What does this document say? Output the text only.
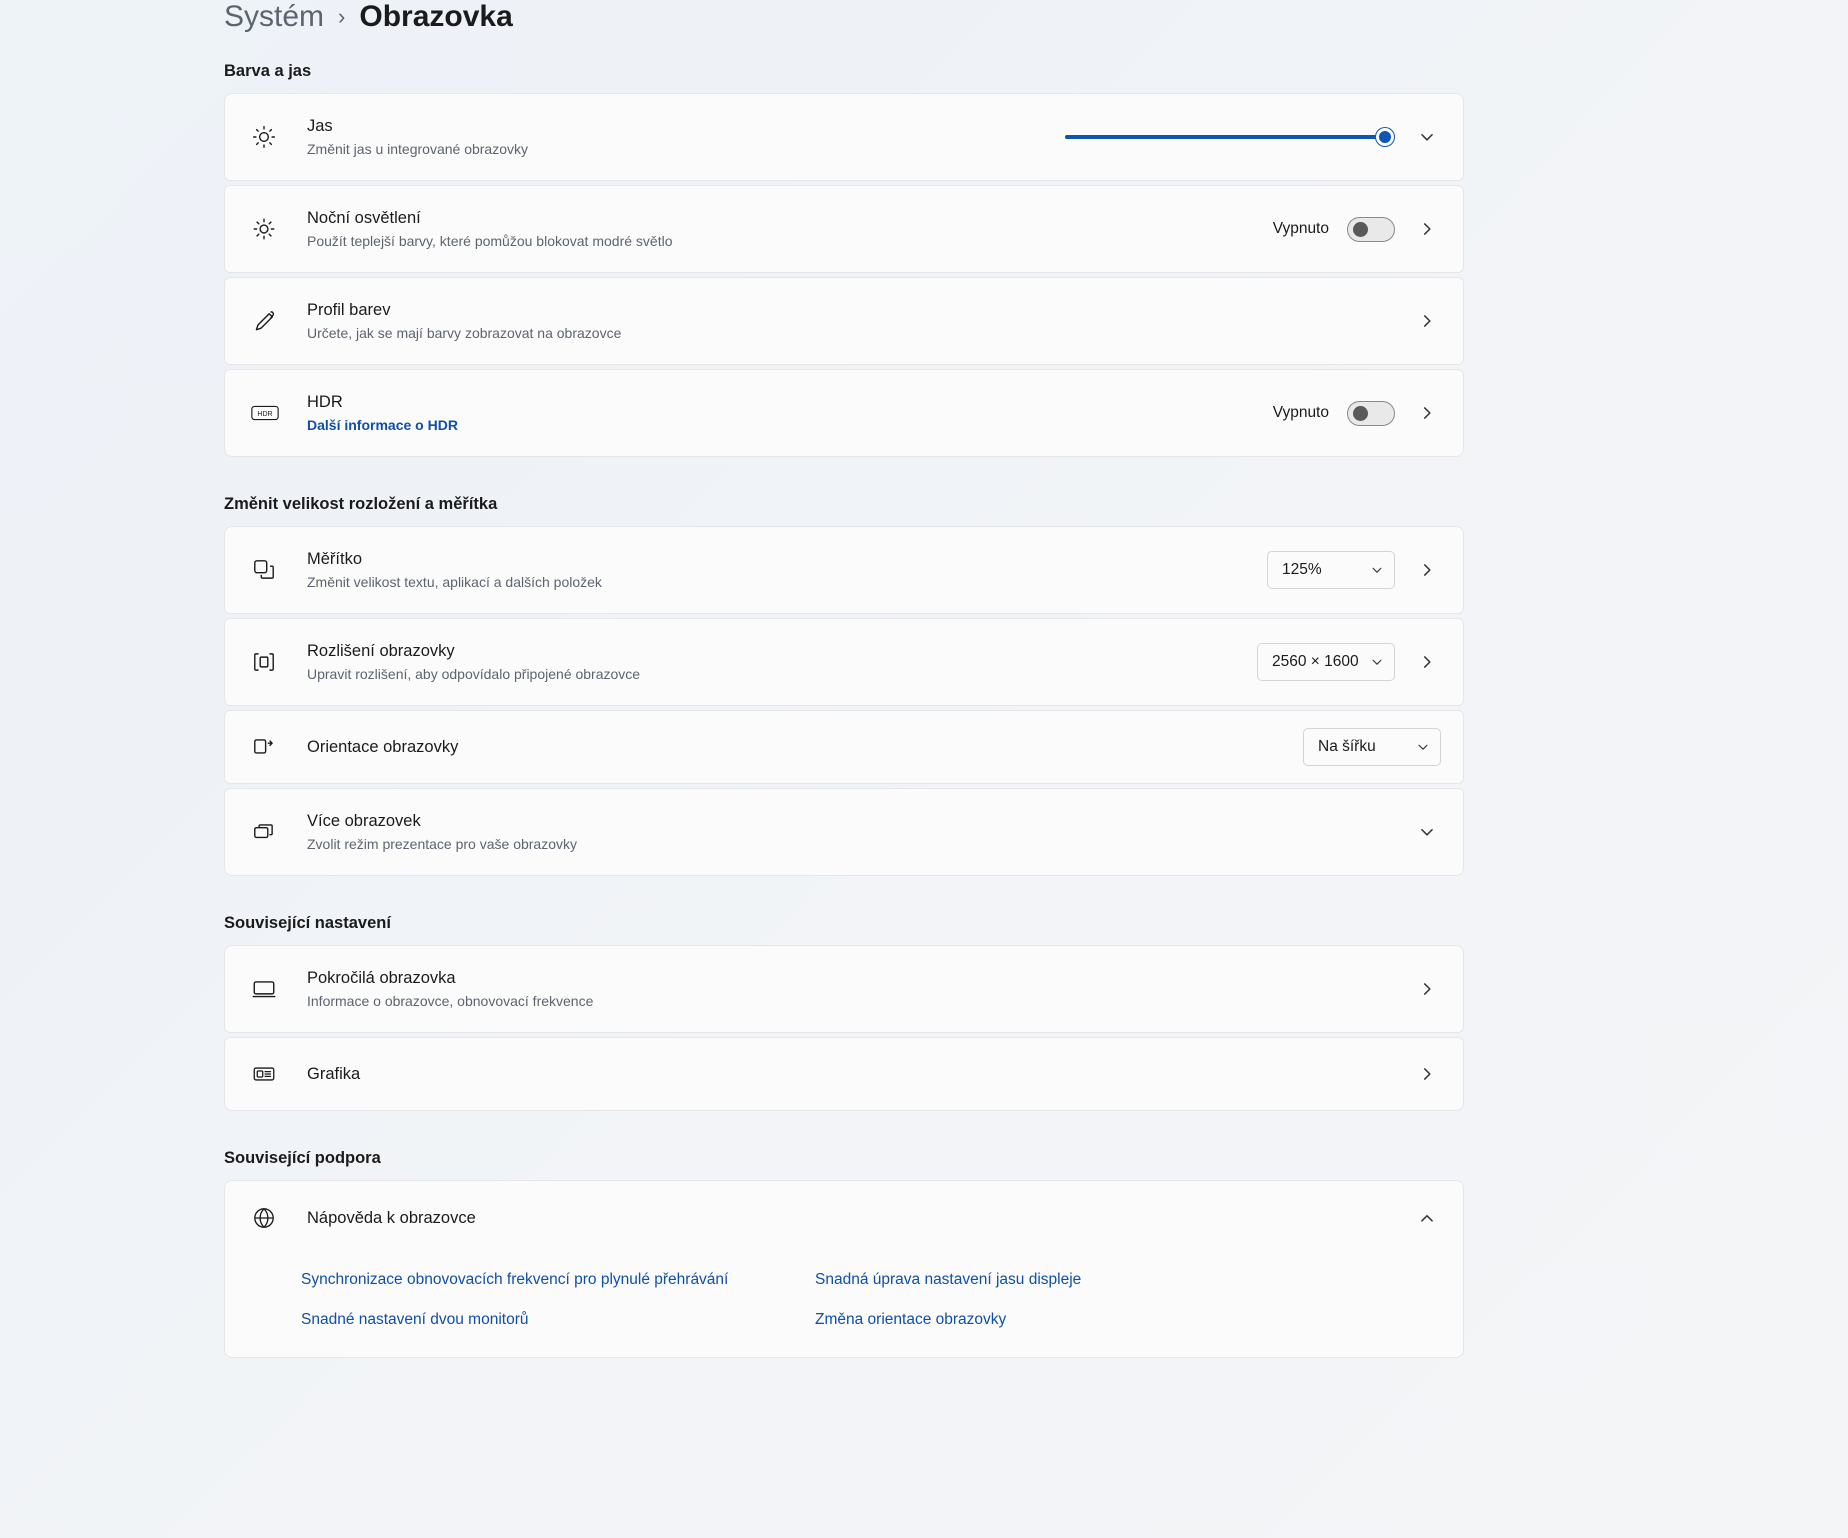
Systém › Obrazovka
Barva a jas
Jas
Změnit jas u integrované obrazovky
Noční osvětlení
Použít teplejší barvy, které pomůžou blokovat modré světlo
Vypnuto
Profil barev
Určete, jak se mají barvy zobrazovat na obrazovce
HDR
HDR
Další informace o HDR
Vypnuto
Změnit velikost rozložení a měřítka
Měřítko
Změnit velikost textu, aplikací a dalších položek
125%
Rozlišení obrazovky
Upravit rozlišení, aby odpovídalo připojené obrazovce
2560 × 1600
Orientace obrazovky	Na šířku
Více obrazovek
Zvolit režim prezentace pro vaše obrazovky
Související nastavení
Pokročilá obrazovka
Informace o obrazovce, obnovovací frekvence
Grafika
Související podpora
Nápověda k obrazovce
Synchronizace obnovovacích frekvencí pro plynulé přehrávání	Snadná úprava nastavení jasu displeje
Snadné nastavení dvou monitorů	Změna orientace obrazovky
